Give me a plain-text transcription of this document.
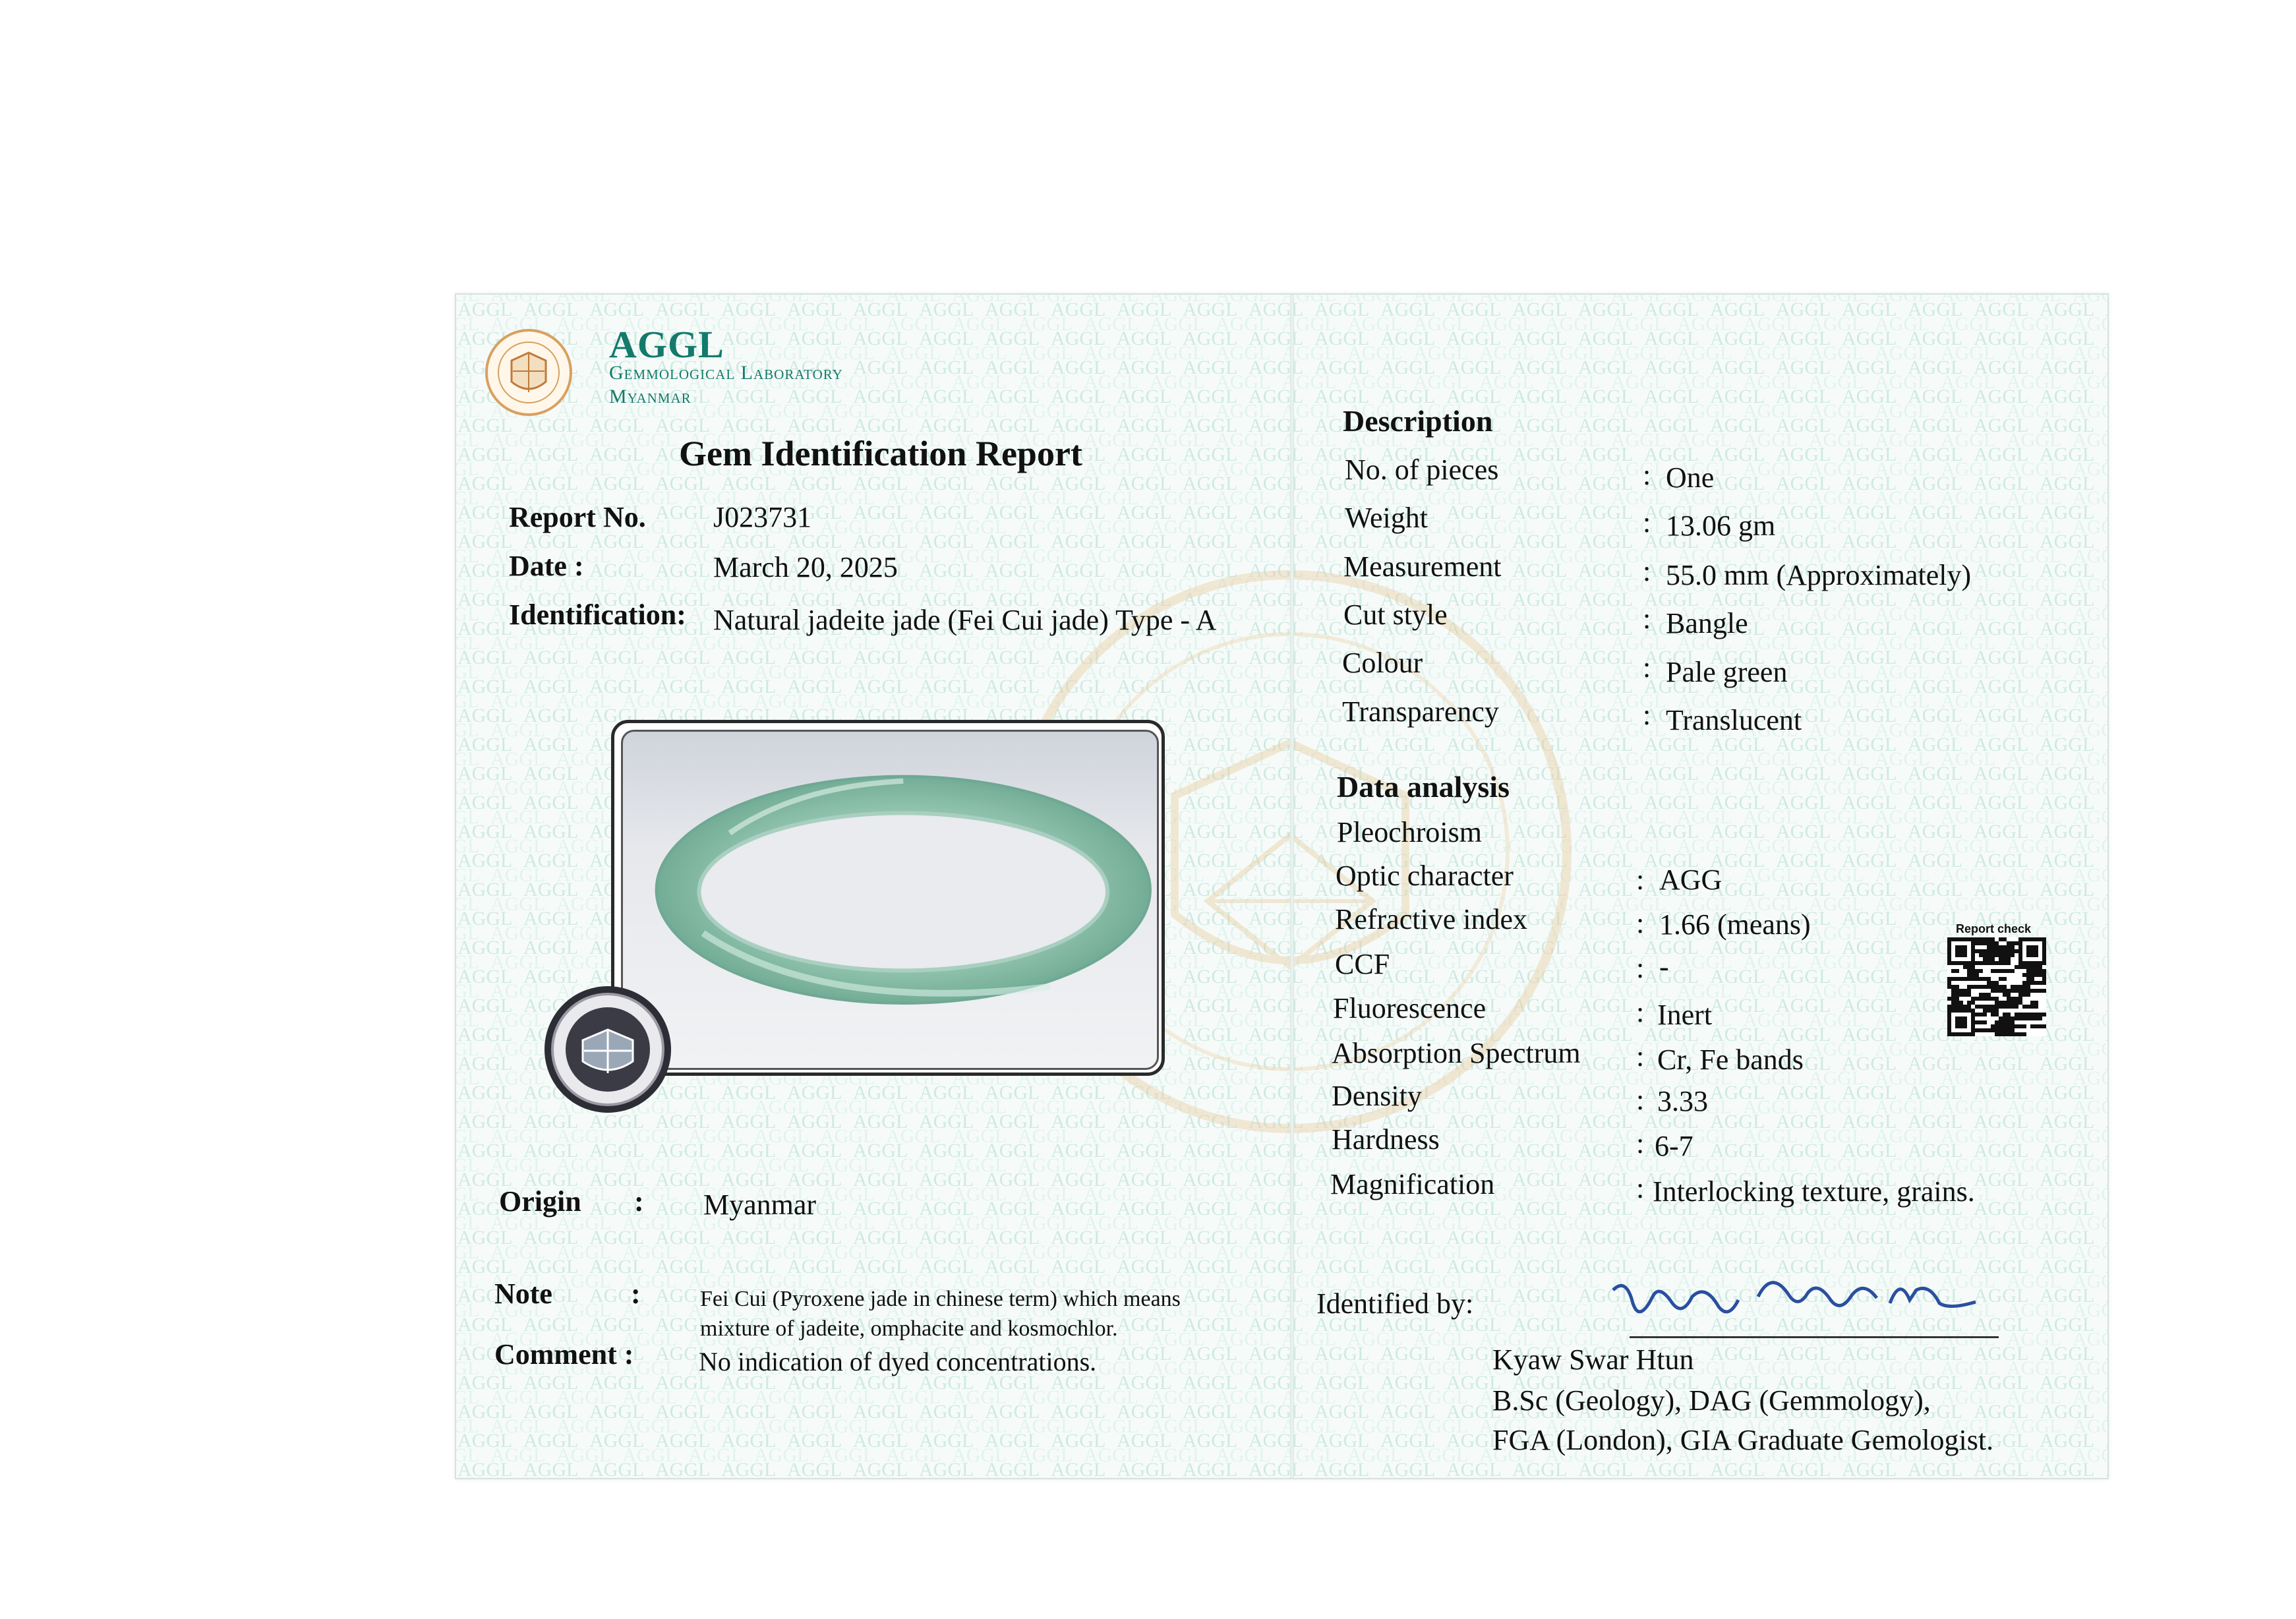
AGGL
Gemmological Laboratory
Myanmar
Gem Identification Report
Report No. J023731
Date :	March 20, 2025
Identification: Natural jadeite jade (Fei Cui jade) Type - A
Origin : Myanmar
Note	:	Fei Cui (Pyroxene jade in chinese term) which means
mixture of jadeite, omphacite and kosmochlor.
Comment : No indication of dyed concentrations.
Description
No. of pieces	: One
Weight	: 13.06 gm
Measurement	: 55.0 mm (Approximately)
Cut style	: Bangle
Colour	: Pale green
Transparency	: Translucent
Data analysis
Pleochroism
Optic character	: AGG
Refractive index	: 1.66 (means)
CCF	: -
Fluorescence	: Inert
Absorption Spectrum : Cr, Fe bands
Density	: 3.33
Hardness	: 6-7
Magnification	: Interlocking texture, grains.
Report check
Identified by:
Kyaw Swar Htun
B.Sc (Geology), DAG (Gemmology),
FGA (London), GIA Graduate Gemologist.
